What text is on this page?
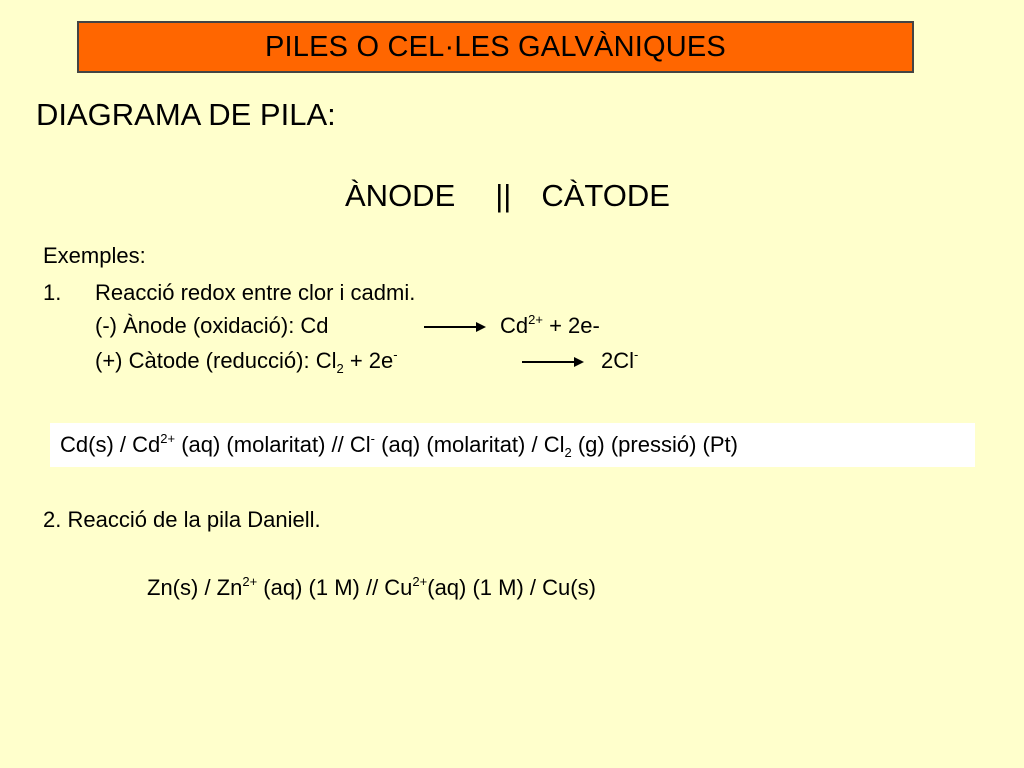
PILES O CEL·LES GALVÀNIQUES
DIAGRAMA DE PILA:
ÀNODE || CÀTODE
Exemples:
1. Reacció redox entre clor i cadmi.
(-) Ànode (oxidació): Cd	→ $Cd^{2+} + 2e-$
(+) Càtode (reducció): $Cl_2 + 2e^-$	→ 2Cl-
$Cd(s) / Cd^{2+}$ (aq) (molaritat) // Cl- (aq) (molaritat) / $Cl_2$ (g) (pressió) (Pt)
2. Reacció de la pila Daniell.
$Zn(s) / Zn^{2+}$ (aq) (1 $M) // Cu^{2+}(aq)$ (1 M) / Cu(s)
